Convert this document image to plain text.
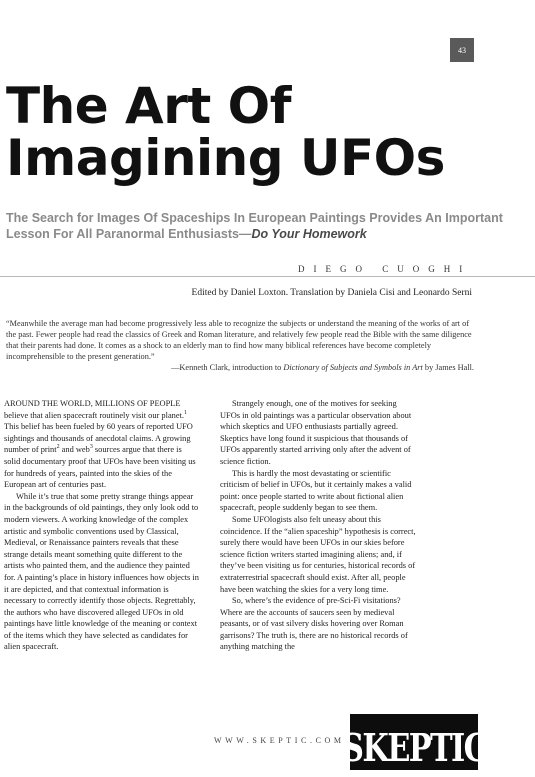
43
The Art Of
Imagining UFOs
The Search for Images Of Spaceships In European Paintings Provides An Important Lesson For All Paranormal Enthusiasts—Do Your Homework
DIEGO CUOGHI
Edited by Daniel Loxton. Translation by Daniela Cisi and Leonardo Serni
“Meanwhile the average man had become progressively less able to recognize the subjects or understand the meaning of the works of art of the past. Fewer people had read the classics of Greek and Roman literature, and relatively few people read the Bible with the same diligence that their parents had done. It comes as a shock to an elderly man to find how many biblical references have become completely incomprehensible to the present generation.”
—Kenneth Clark, introduction to Dictionary of Subjects and Symbols in Art by James Hall.

AROUND THE WORLD, MILLIONS OF PEOPLE believe that alien spacecraft routinely visit our planet.$^1$ This belief has been fueled by 60 years of reported UFO sightings and thousands of anecdotal claims. A growing number of print$^2$ and web$^3$ sources argue that there is solid documentary proof that UFOs have been visiting us for hundreds of years, painted into the skies of the European art of centuries past.

While it’s true that some pretty strange things appear in the backgrounds of old paintings, they only look odd to modern viewers. A working knowledge of the complex artistic and symbolic conventions used by Classical, Medieval, or Renaissance painters reveals that these strange details meant something quite different to the artists who painted them, and the audience they painted for. A painting’s place in history influences how objects in it are depicted, and that contextual information is necessary to correctly identify those objects. Regrettably, the authors who have discovered alleged UFOs in old paintings have little knowledge of the meaning or context of the items which they have selected as candidates for alien spacecraft.

Strangely enough, one of the motives for seeking UFOs in old paintings was a particular observation about which skeptics and UFO enthusiasts partially agreed. Skeptics have long found it suspicious that thousands of UFOs apparently started arriving only after the advent of science fiction.

This is hardly the most devastating or scientific criticism of belief in UFOs, but it certainly makes a valid point: once people started to write about fictional alien spacecraft, people suddenly began to see them.

Some UFOlogists also felt uneasy about this coincidence. If the “alien spaceship” hypothesis is correct, surely there would have been UFOs in our skies before science fiction writers started imagining aliens; and, if they’ve been visiting us for centuries, historical records of extraterrestrial spacecraft should exist. After all, people have been watching the skies for a very long time.

So, where’s the evidence of pre-Sci-Fi visitations? Where are the accounts of saucers seen by medieval peasants, or of vast silvery disks hovering over Roman garrisons? The truth is, there are no historical records of anything matching the

WWW.SKEPTIC.COM
SKEPTIC
